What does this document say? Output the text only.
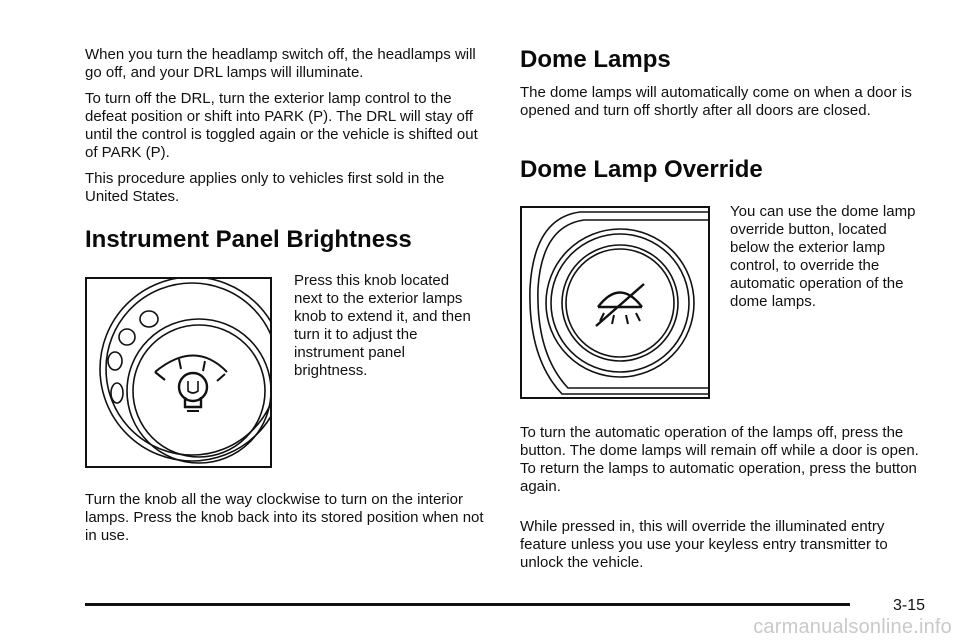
When you turn the headlamp switch off, the headlamps will go off, and your DRL lamps will illuminate.

To turn off the DRL, turn the exterior lamp control to the defeat position or shift into PARK (P). The DRL will stay off until the control is toggled again or the vehicle is shifted out of PARK (P).

This procedure applies only to vehicles first sold in the United States.

Instrument Panel Brightness

Press this knob located next to the exterior lamps knob to extend it, and then turn it to adjust the instrument panel brightness.

Turn the knob all the way clockwise to turn on the interior lamps. Press the knob back into its stored position when not in use.

Dome Lamps

The dome lamps will automatically come on when a door is opened and turn off shortly after all doors are closed.

Dome Lamp Override

You can use the dome lamp override button, located below the exterior lamp control, to override the automatic operation of the dome lamps.

To turn the automatic operation of the lamps off, press the button. The dome lamps will remain off while a door is open. To return the lamps to automatic operation, press the button again.

While pressed in, this will override the illuminated entry feature unless you use your keyless entry transmitter to unlock the vehicle.

3-15
carmanualsonline.info
